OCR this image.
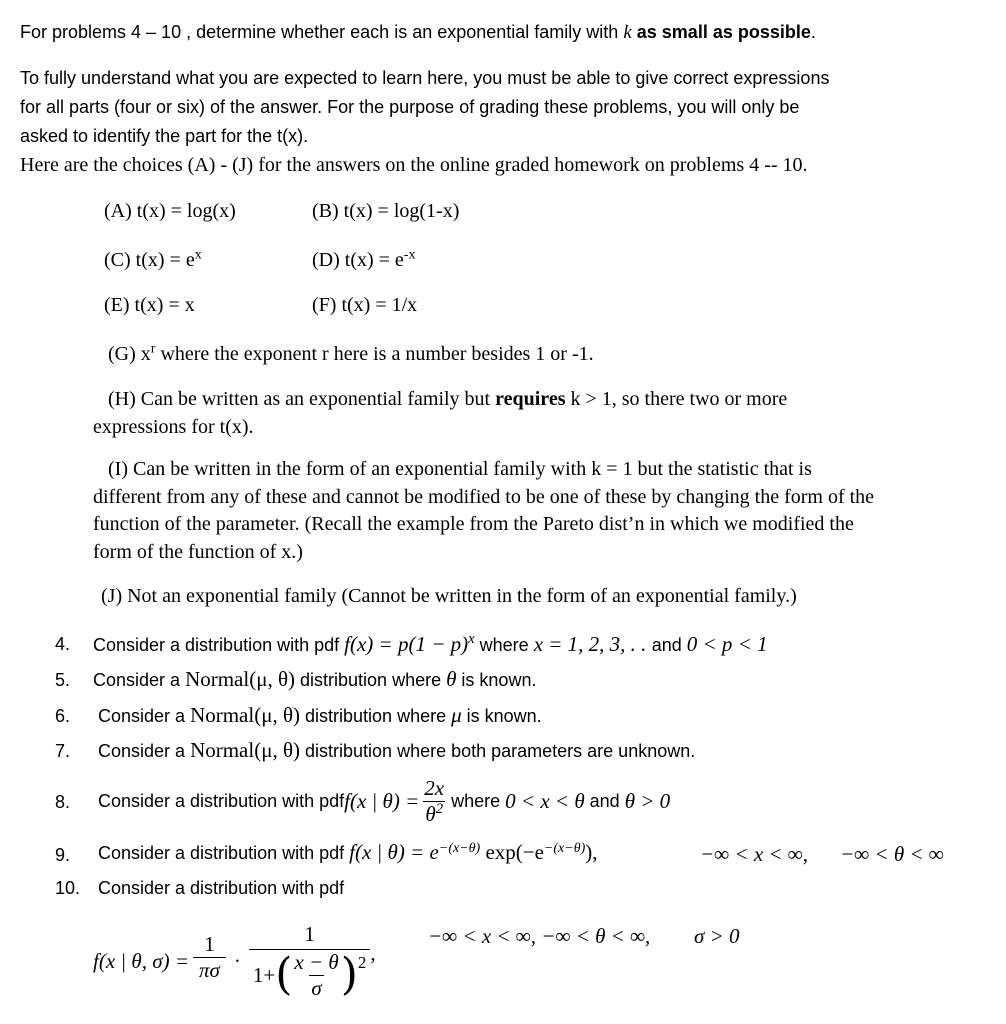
For problems 4 – 10 , determine whether each is an exponential family with k as small as possible.
To fully understand what you are expected to learn here, you must be able to give correct expressions
for all parts (four or six) of the answer. For the purpose of grading these problems, you will only be
asked to identify the part for the t(x).
Here are the choices (A) - (J) for the answers on the online graded homework on problems 4 -- 10.
(A) t(x) = log(x)	(B) t(x) = log(1-x)
(C) $t(x) = e^x$	(D) $t(x) = e^{-x}$
(E) t(x) = x	(F) t(x) = 1/x
(G) $x^r$ where the exponent r here is a number besides 1 or -1.
(H) Can be written as an exponential family but requires k > 1, so there two or more
expressions for t(x).
(I) Can be written in the form of an exponential family with k = 1 but the statistic that is
different from any of these and cannot be modified to be one of these by changing the form of the
function of the parameter. (Recall the example from the Pareto dist’n in which we modified the
form of the function of x.)
(J) Not an exponential family (Cannot be written in the form of an exponential family.)
4. Consider a distribution with pdf $f(x) = p(1 - p)^x$ where x = 1, 2, 3, . . and 0 < p < 1
5. Consider a Normal(μ, θ) distribution where θ is known.
6. Consider a Normal(μ, θ) distribution where μ is known.
7. Consider a Normal(μ, θ) distribution where both parameters are unknown.
8. Consider a distribution with pdf f(x | $\theta) = \frac{2x}{\theta^2}$ where 0 < x < θ and θ > 0
9. Consider a distribution with pdf f(x | $\theta) = e^{-(x-\theta)}$ $\exp(-e^{-(x-\theta)})$,	−∞ < x < ∞, −∞ < θ < ∞
10. Consider a distribution with pdf
f(x | θ, $\sigma) = \frac{1}{\pi\sigma}$ ·
1
1+ ( $\frac{x - \theta}{\sigma}$ ) 2 ,
−∞ < x < ∞, −∞ < θ < ∞, σ > 0
